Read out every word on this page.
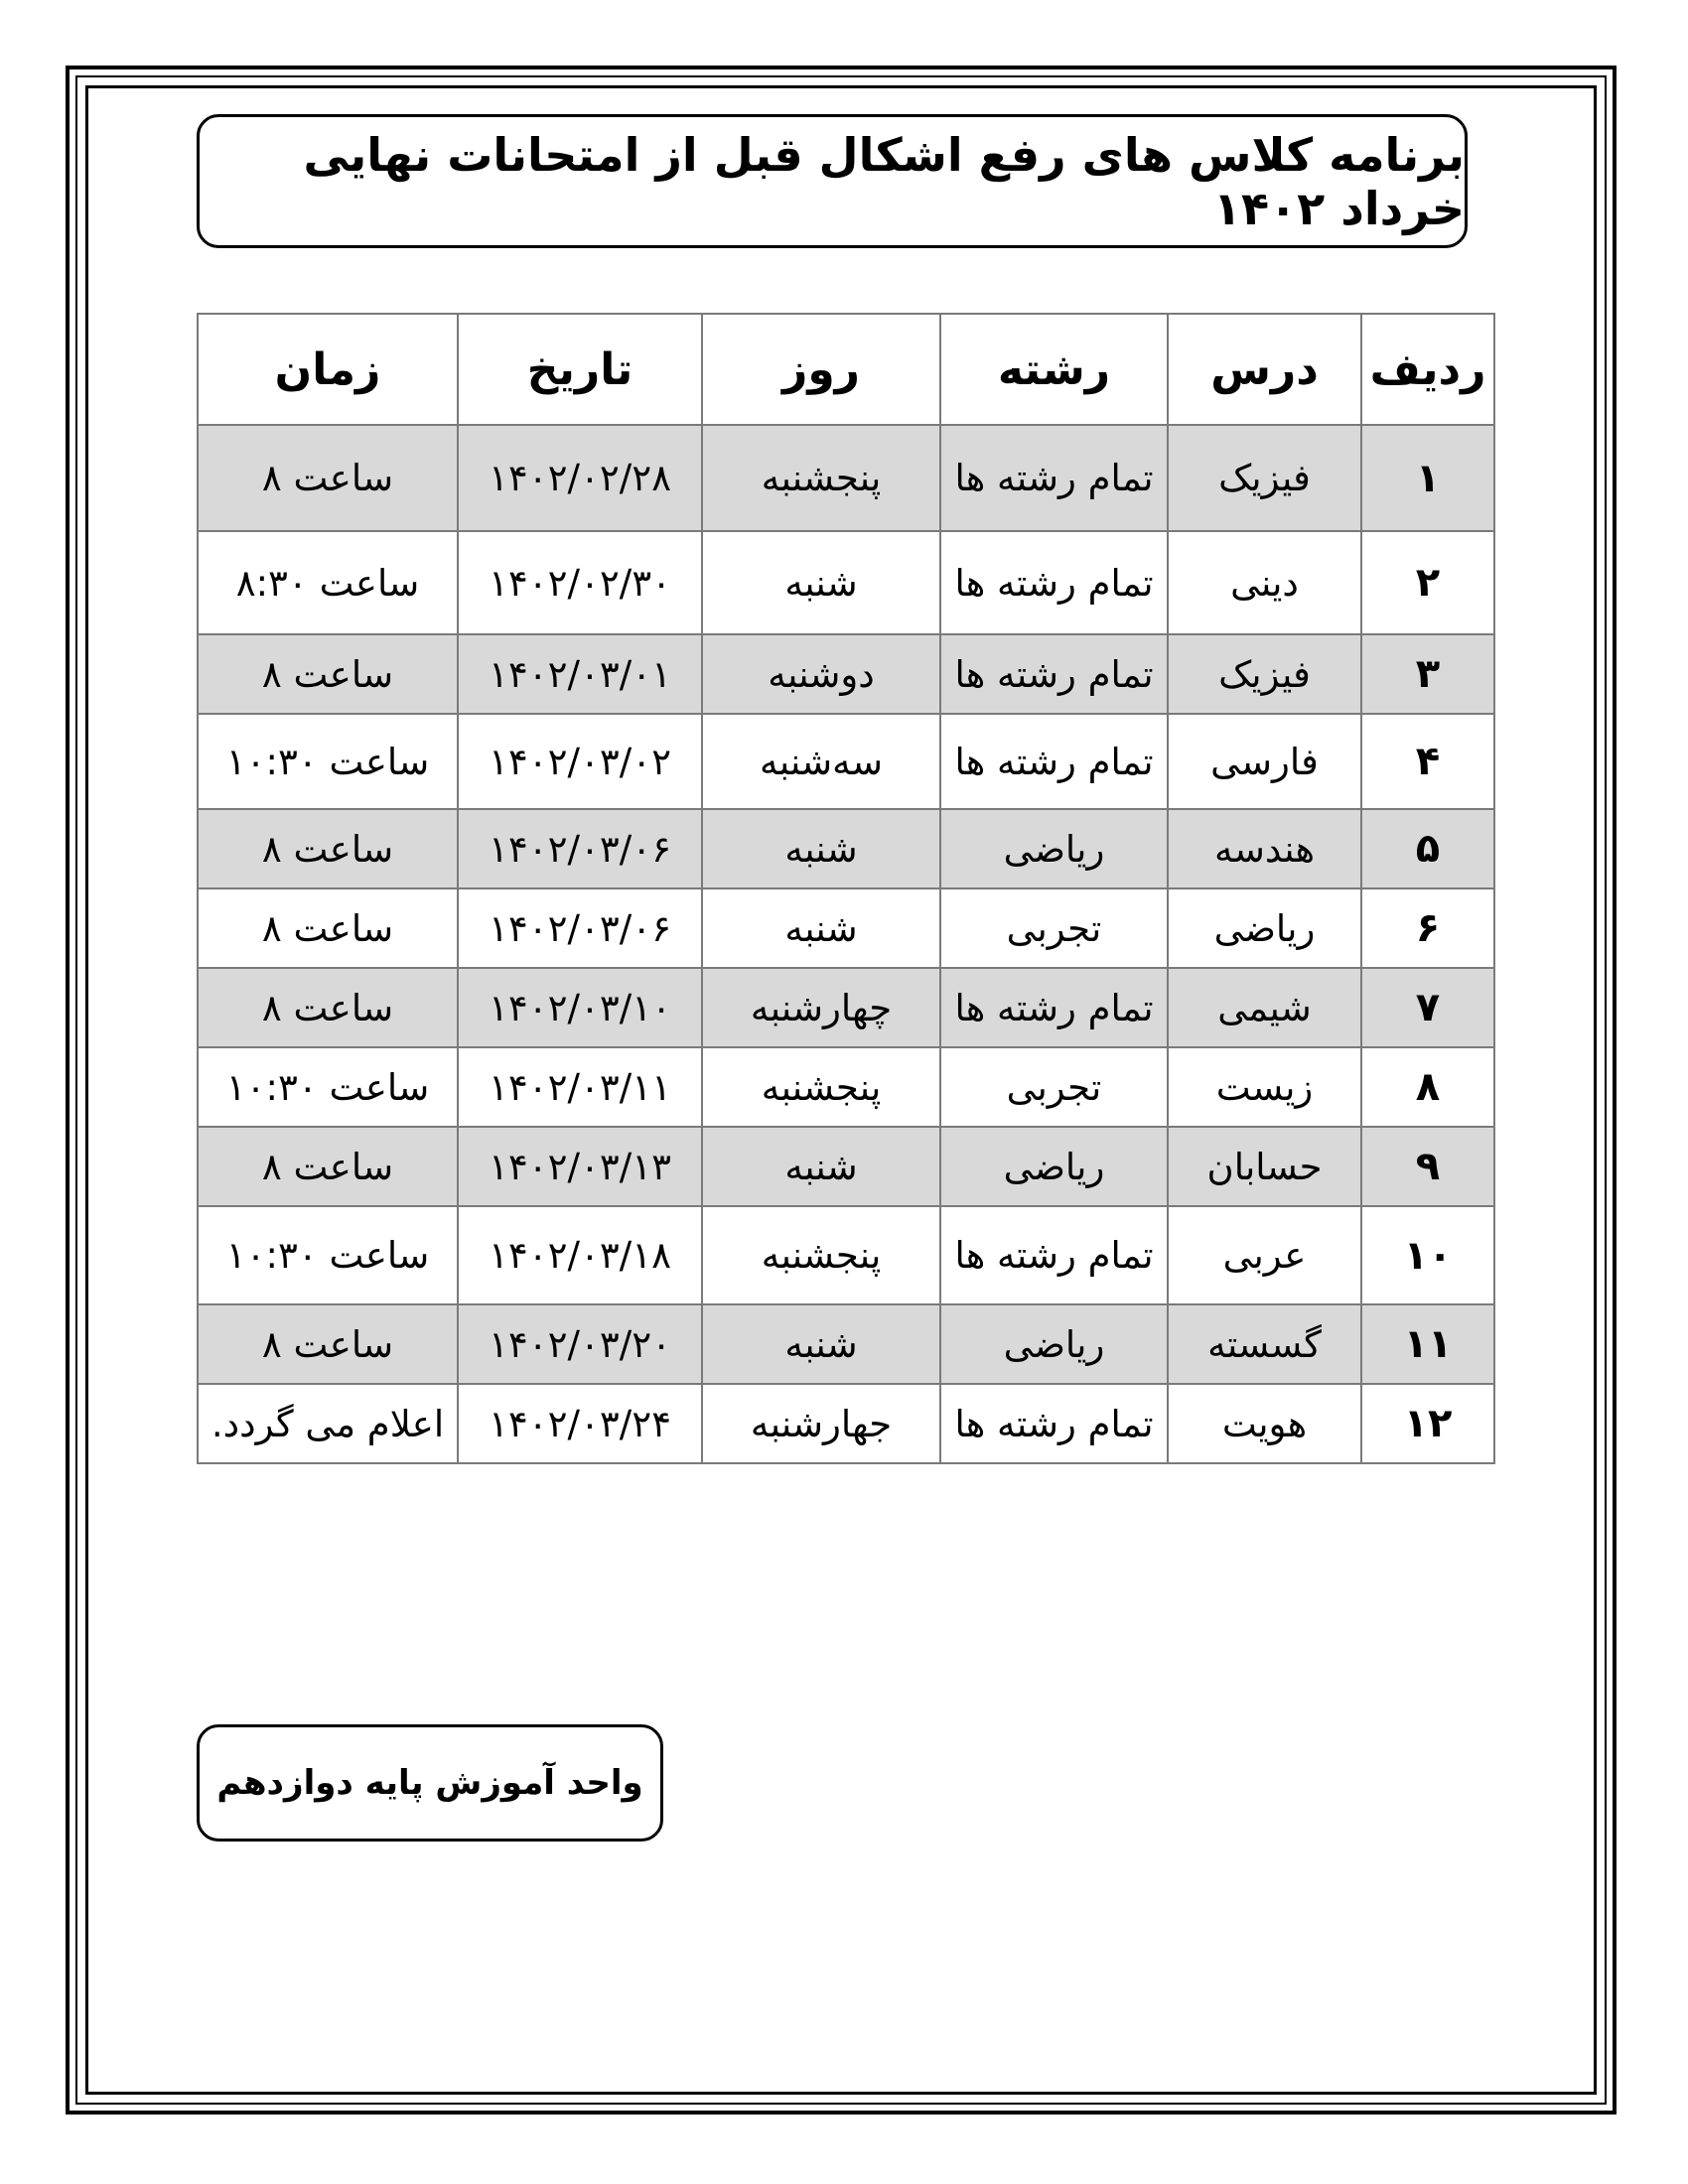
برنامه کلاس های رفع اشکال قبل از امتحانات نهایی خرداد ۱۴۰۲
ردیف	درس	رشته	روز	تاریخ	زمان
۱	فیزیک	تمام رشته ها	پنجشنبه	۱۴۰۲/۰۲/۲۸	ساعت ۸
۲	دینی	تمام رشته ها	شنبه	۱۴۰۲/۰۲/۳۰	ساعت ۸:۳۰
۳	فیزیک	تمام رشته ها	دوشنبه	۱۴۰۲/۰۳/۰۱	ساعت ۸
۴	فارسی	تمام رشته ها	سه‌شنبه	۱۴۰۲/۰۳/۰۲	ساعت ۱۰:۳۰
۵	هندسه	ریاضی	شنبه	۱۴۰۲/۰۳/۰۶	ساعت ۸
۶	ریاضی	تجربی	شنبه	۱۴۰۲/۰۳/۰۶	ساعت ۸
۷	شیمی	تمام رشته ها	چهارشنبه	۱۴۰۲/۰۳/۱۰	ساعت ۸
۸	زیست	تجربی	پنجشنبه	۱۴۰۲/۰۳/۱۱	ساعت ۱۰:۳۰
۹	حسابان	ریاضی	شنبه	۱۴۰۲/۰۳/۱۳	ساعت ۸
۱۰	عربی	تمام رشته ها	پنجشنبه	۱۴۰۲/۰۳/۱۸	ساعت ۱۰:۳۰
۱۱	گسسته	ریاضی	شنبه	۱۴۰۲/۰۳/۲۰	ساعت ۸
۱۲	هویت	تمام رشته ها	جهارشنبه	۱۴۰۲/۰۳/۲۴	اعلام می گردد.
واحد آموزش پایه دوازدهم
